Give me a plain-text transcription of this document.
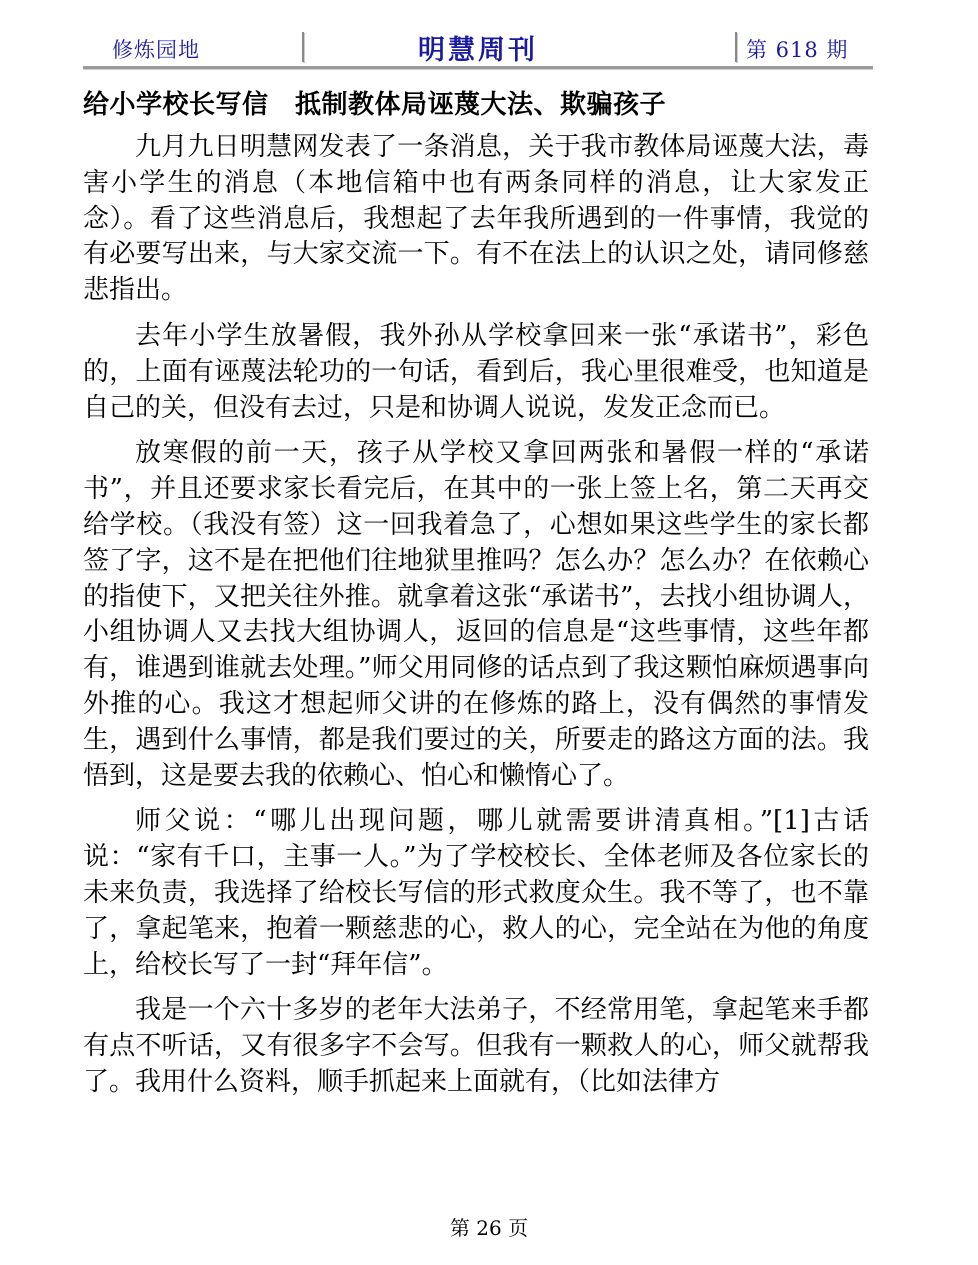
修炼园地	明慧周刊	第 618 期
给小学校长写信　抵制教体局诬蔑大法、欺骗孩子

九月九日明慧网发表了一条消息，关于我市教体局诬蔑大法，毒害小学生的消息（本地信箱中也有两条同样的消息，让大家发正念）。看了这些消息后，我想起了去年我所遇到的一件事情，我觉的有必要写出来，与大家交流一下。有不在法上的认识之处，请同修慈悲指出。

去年小学生放暑假，我外孙从学校拿回来一张“承诺书”，彩色的，上面有诬蔑法轮功的一句话，看到后，我心里很难受，也知道是自己的关，但没有去过，只是和协调人说说，发发正念而已。

放寒假的前一天，孩子从学校又拿回两张和暑假一样的“承诺书”，并且还要求家长看完后，在其中的一张上签上名，第二天再交给学校。（我没有签）这一回我着急了，心想如果这些学生的家长都签了字，这不是在把他们往地狱里推吗？怎么办？怎么办？在依赖心的指使下，又把关往外推。就拿着这张“承诺书”，去找小组协调人，小组协调人又去找大组协调人，返回的信息是“这些事情，这些年都有，谁遇到谁就去处理。”师父用同修的话点到了我这颗怕麻烦遇事向外推的心。我这才想起师父讲的在修炼的路上，没有偶然的事情发生，遇到什么事情，都是我们要过的关，所要走的路这方面的法。我悟到，这是要去我的依赖心、怕心和懒惰心了。

师父说：“哪儿出现问题，哪儿就需要讲清真相。”[1]古话说：“家有千口，主事一人。”为了学校校长、全体老师及各位家长的未来负责，我选择了给校长写信的形式救度众生。我不等了，也不靠了，拿起笔来，抱着一颗慈悲的心，救人的心，完全站在为他的角度上，给校长写了一封“拜年信”。

我是一个六十多岁的老年大法弟子，不经常用笔，拿起笔来手都有点不听话，又有很多字不会写。但我有一颗救人的心，师父就帮我了。我用什么资料，顺手抓起来上面就有，（比如法律方

第 26 页
